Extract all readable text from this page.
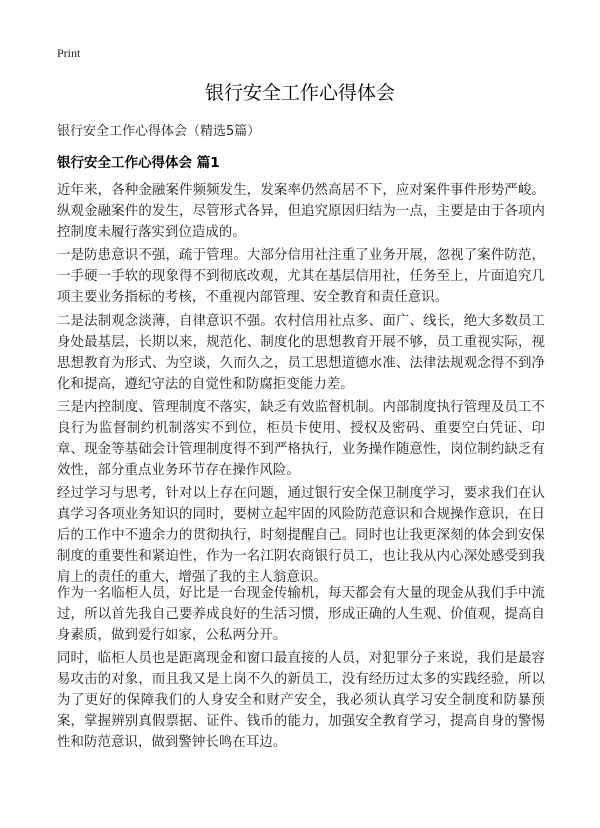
Print
银行安全工作心得体会
银行安全工作心得体会（精选5篇）
银行安全工作心得体会 篇1

近年来，各种金融案件频频发生，发案率仍然高居不下，应对案件事件形势严峻。纵观金融案件的发生，尽管形式各异，但追究原因归结为一点，主要是由于各项内控制度未履行落实到位造成的。

一是防患意识不强，疏于管理。大部分信用社注重了业务开展，忽视了案件防范，一手硬一手软的现象得不到彻底改观，尤其在基层信用社，任务至上，片面追究几项主要业务指标的考核，不重视内部管理、安全教育和责任意识。

二是法制观念淡薄，自律意识不强。农村信用社点多、面广、线长，绝大多数员工身处最基层，长期以来，规范化、制度化的思想教育开展不够，员工重视实际，视思想教育为形式、为空谈，久而久之，员工思想道德水准、法律法规观念得不到净化和提高，遵纪守法的自觉性和防腐拒变能力差。

三是内控制度、管理制度不落实，缺乏有效监督机制。内部制度执行管理及员工不良行为监督制约机制落实不到位，柜员卡使用、授权及密码、重要空白凭证、印章、现金等基础会计管理制度得不到严格执行，业务操作随意性，岗位制约缺乏有效性，部分重点业务环节存在操作风险。

经过学习与思考，针对以上存在问题，通过银行安全保卫制度学习，要求我们在认真学习各项业务知识的同时，要树立起牢固的风险防范意识和合规操作意识，在日后的工作中不遗余力的贯彻执行，时刻提醒自己。同时也让我更深刻的体会到安保制度的重要性和紧迫性，作为一名江阴农商银行员工，也让我从内心深处感受到我肩上的责任的重大，增强了我的主人翁意识。

作为一名临柜人员，好比是一台现金传输机，每天都会有大量的现金从我们手中流过，所以首先我自己要养成良好的生活习惯，形成正确的人生观、价值观，提高自身素质，做到爱行如家，公私两分开。

同时，临柜人员也是距离现金和窗口最直接的人员，对犯罪分子来说，我们是最容易攻击的对象，而且我又是上岗不久的新员工，没有经历过太多的实践经验，所以为了更好的保障我们的人身安全和财产安全，我必须认真学习安全制度和防暴预案，掌握辨别真假票据、证件、钱币的能力，加强安全教育学习，提高自身的警惕性和防范意识，做到警钟长鸣在耳边。
